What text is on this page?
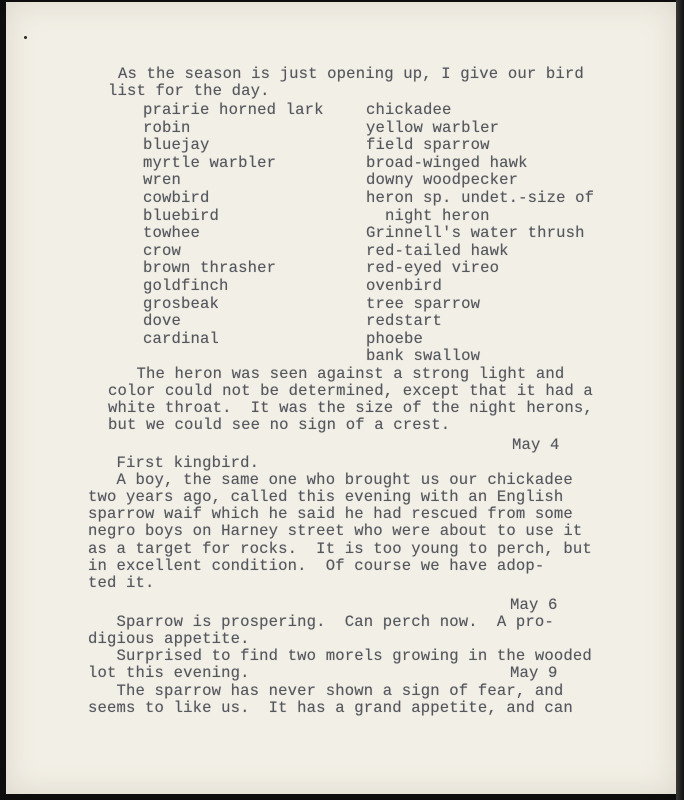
As the season is just opening up, I give our bird

list for the day.

prairie horned lark

robin

bluejay

myrtle warbler

wren

cowbird

bluebird

towhee

crow

brown thrasher

goldfinch

grosbeak

dove

cardinal

chickadee

yellow warbler

field sparrow

broad-winged hawk

downy woodpecker

heron sp. undet.-size of

night heron

Grinnell's water thrush

red-tailed hawk

red-eyed vireo

ovenbird

tree sparrow

redstart

phoebe

bank swallow

The heron was seen against a strong light and

color could not be determined, except that it had a

white throat.  It was the size of the night herons,

but we could see no sign of a crest.

May 4

First kingbird.

A boy, the same one who brought us our chickadee

two years ago, called this evening with an English

sparrow waif which he said he had rescued from some

negro boys on Harney street who were about to use it

as a target for rocks.  It is too young to perch, but

in excellent condition.  Of course we have adop-

ted it.

May 6

Sparrow is prospering.  Can perch now.  A pro-

digious appetite.

Surprised to find two morels growing in the wooded

lot this evening.	May 9

The sparrow has never shown a sign of fear, and

seems to like us.  It has a grand appetite, and can
